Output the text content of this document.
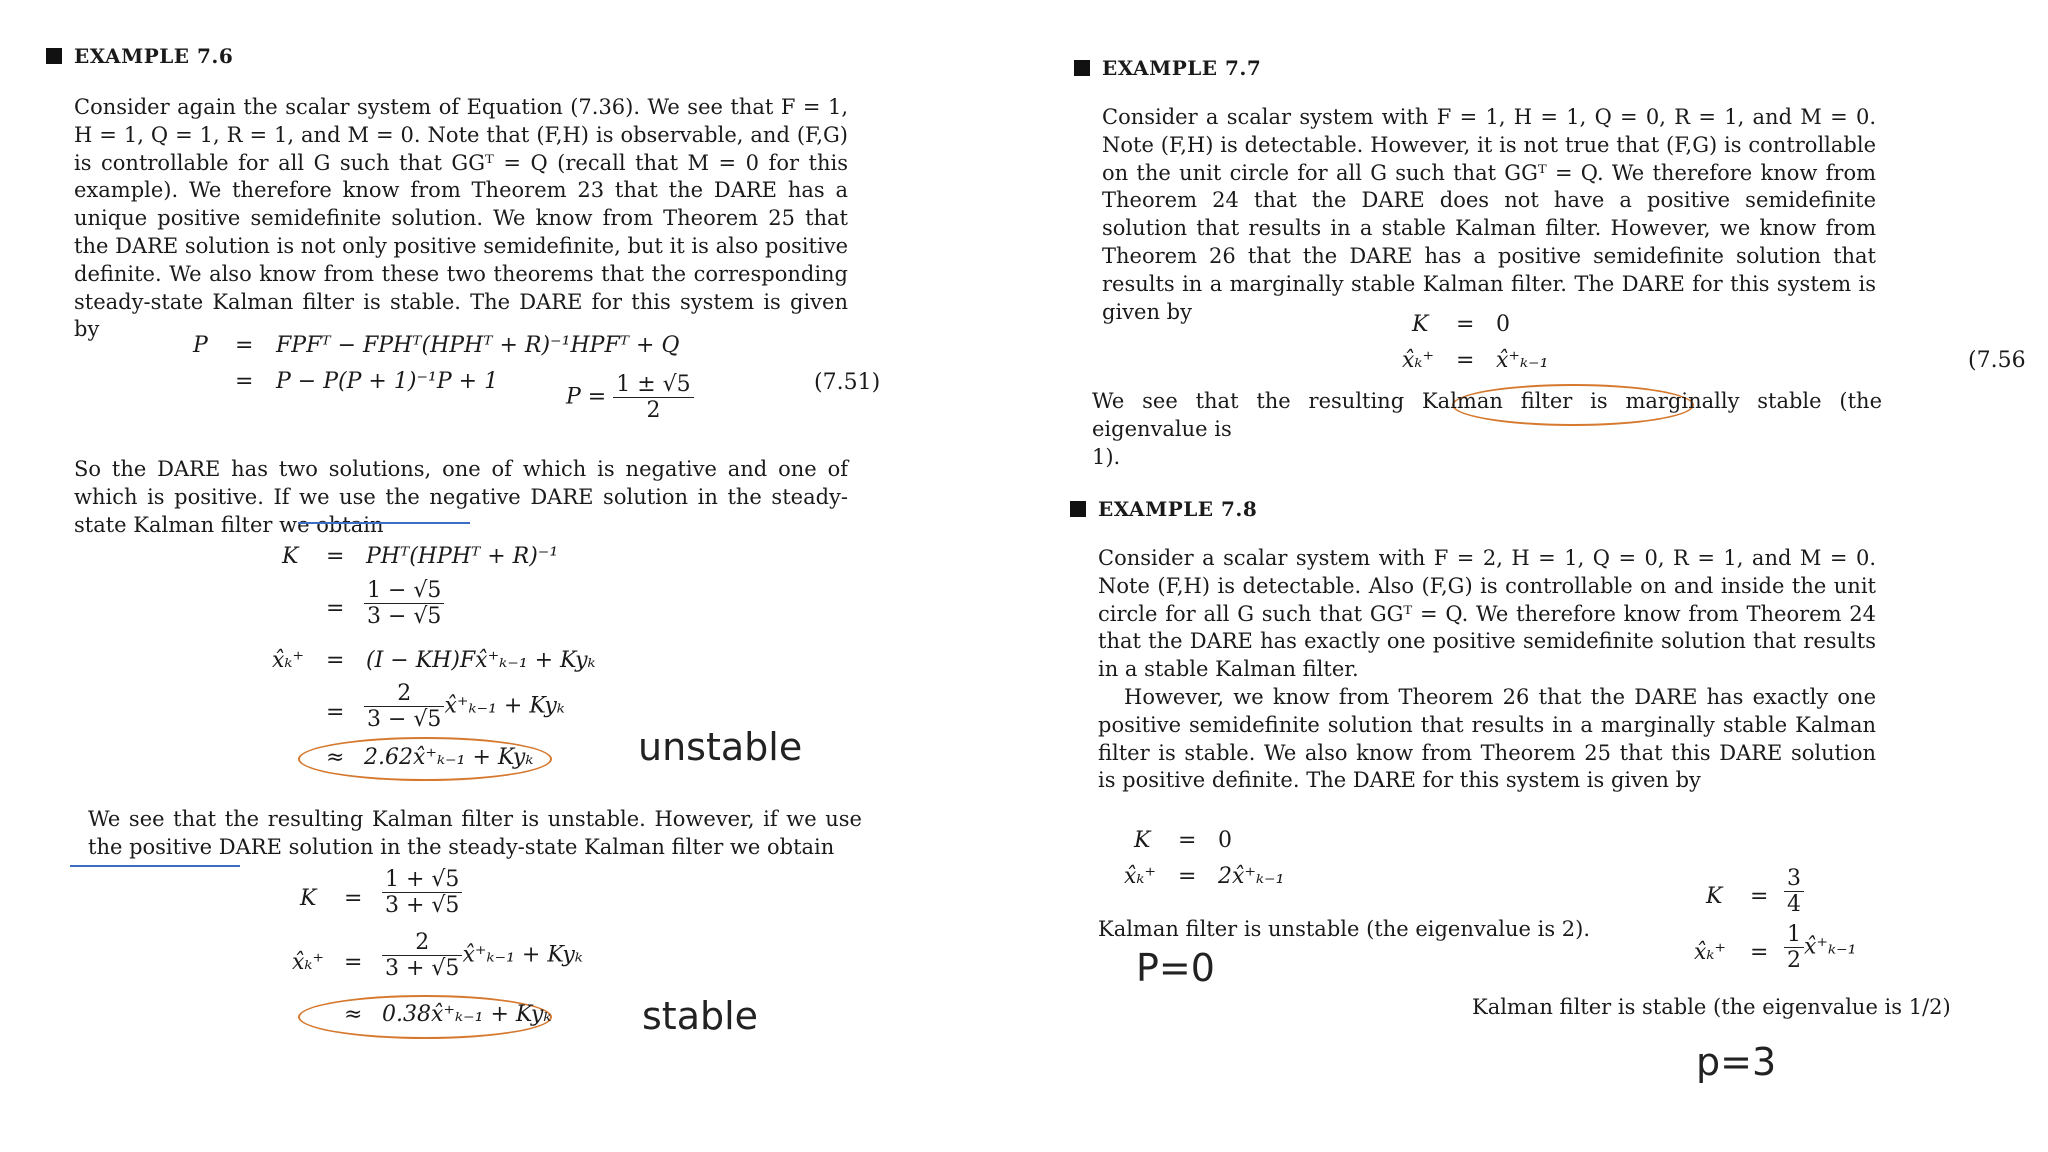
EXAMPLE 7.6

Consider again the scalar system of Equation (7.36). We see that F = 1, H = 1, Q = 1, R = 1, and M = 0. Note that (F,H) is observable, and (F,G) is controllable for all G such that GGᵀ = Q (recall that M = 0 for this example). We therefore know from Theorem 23 that the DARE has a unique positive semidefinite solution. We know from Theorem 25 that the DARE solution is not only positive semidefinite, but it is also positive definite. We also know from these two theorems that the corresponding steady-state Kalman filter is stable. The DARE for this system is given by

P = FPFᵀ − FPHᵀ(HPHᵀ + R)⁻¹HPFᵀ + Q
= P − P(P + 1)⁻¹P + 1
$P = \frac{1 \pm √5}{2}$	(7.51)

So the DARE has two solutions, one of which is negative and one of which is positive. If we use the negative DARE solution in the steady-state Kalman filter we obtain

K = PHᵀ(HPHᵀ + R)⁻¹
= $\frac{1 - √5}{3 - √5}$
x̂ₖ⁺ = (I − KH)Fx̂⁺ₖ₋₁ + Kyₖ
= $\frac{2}{3 - √5}$ x̂⁺ₖ₋₁ + Kyₖ
≈ 2.62x̂⁺ₖ₋₁ + Kyₖ	unstable

We see that the resulting Kalman filter is unstable. However, if we use the positive DARE solution in the steady-state Kalman filter we obtain

$K = \frac{1 + √5}{3 + √5}$
x̂ₖ⁺ = $\frac{2}{3 + √5}$ x̂⁺ₖ₋₁ + Kyₖ
≈ 0.38x̂⁺ₖ₋₁ + Kyₖ stable
EXAMPLE 7.7

Consider a scalar system with F = 1, H = 1, Q = 0, R = 1, and M = 0. Note (F,H) is detectable. However, it is not true that (F,G) is controllable on the unit circle for all G such that GGᵀ = Q. We therefore know from Theorem 24 that the DARE does not have a positive semidefinite solution that results in a stable Kalman filter. However, we know from Theorem 26 that the DARE has a positive semidefinite solution that results in a marginally stable Kalman filter. The DARE for this system is given by

K = 0
x̂ₖ⁺ = x̂⁺ₖ₋₁	(7.56

We see that the resulting Kalman filter is marginally stable (the eigenvalue is

1).

EXAMPLE 7.8

Consider a scalar system with F = 2, H = 1, Q = 0, R = 1, and M = 0. Note (F,H) is detectable. Also (F,G) is controllable on and inside the unit circle for all G such that GGᵀ = Q. We therefore know from Theorem 24 that the DARE has exactly one positive semidefinite solution that results in a stable Kalman filter.

However, we know from Theorem 26 that the DARE has exactly one positive semidefinite solution that results in a marginally stable Kalman filter is stable. We also know from Theorem 25 that this DARE solution is positive definite. The DARE for this system is given by

K = 0
x̂ₖ⁺ = 2x̂⁺ₖ₋₁
Kalman filter is unstable (the eigenvalue is 2).
P=0
$K = \frac{3}{4}$
x̂ₖ⁺ = $\frac{1}{2}$ x̂⁺ₖ₋₁
Kalman filter is stable (the eigenvalue is 1/2)
p=3
